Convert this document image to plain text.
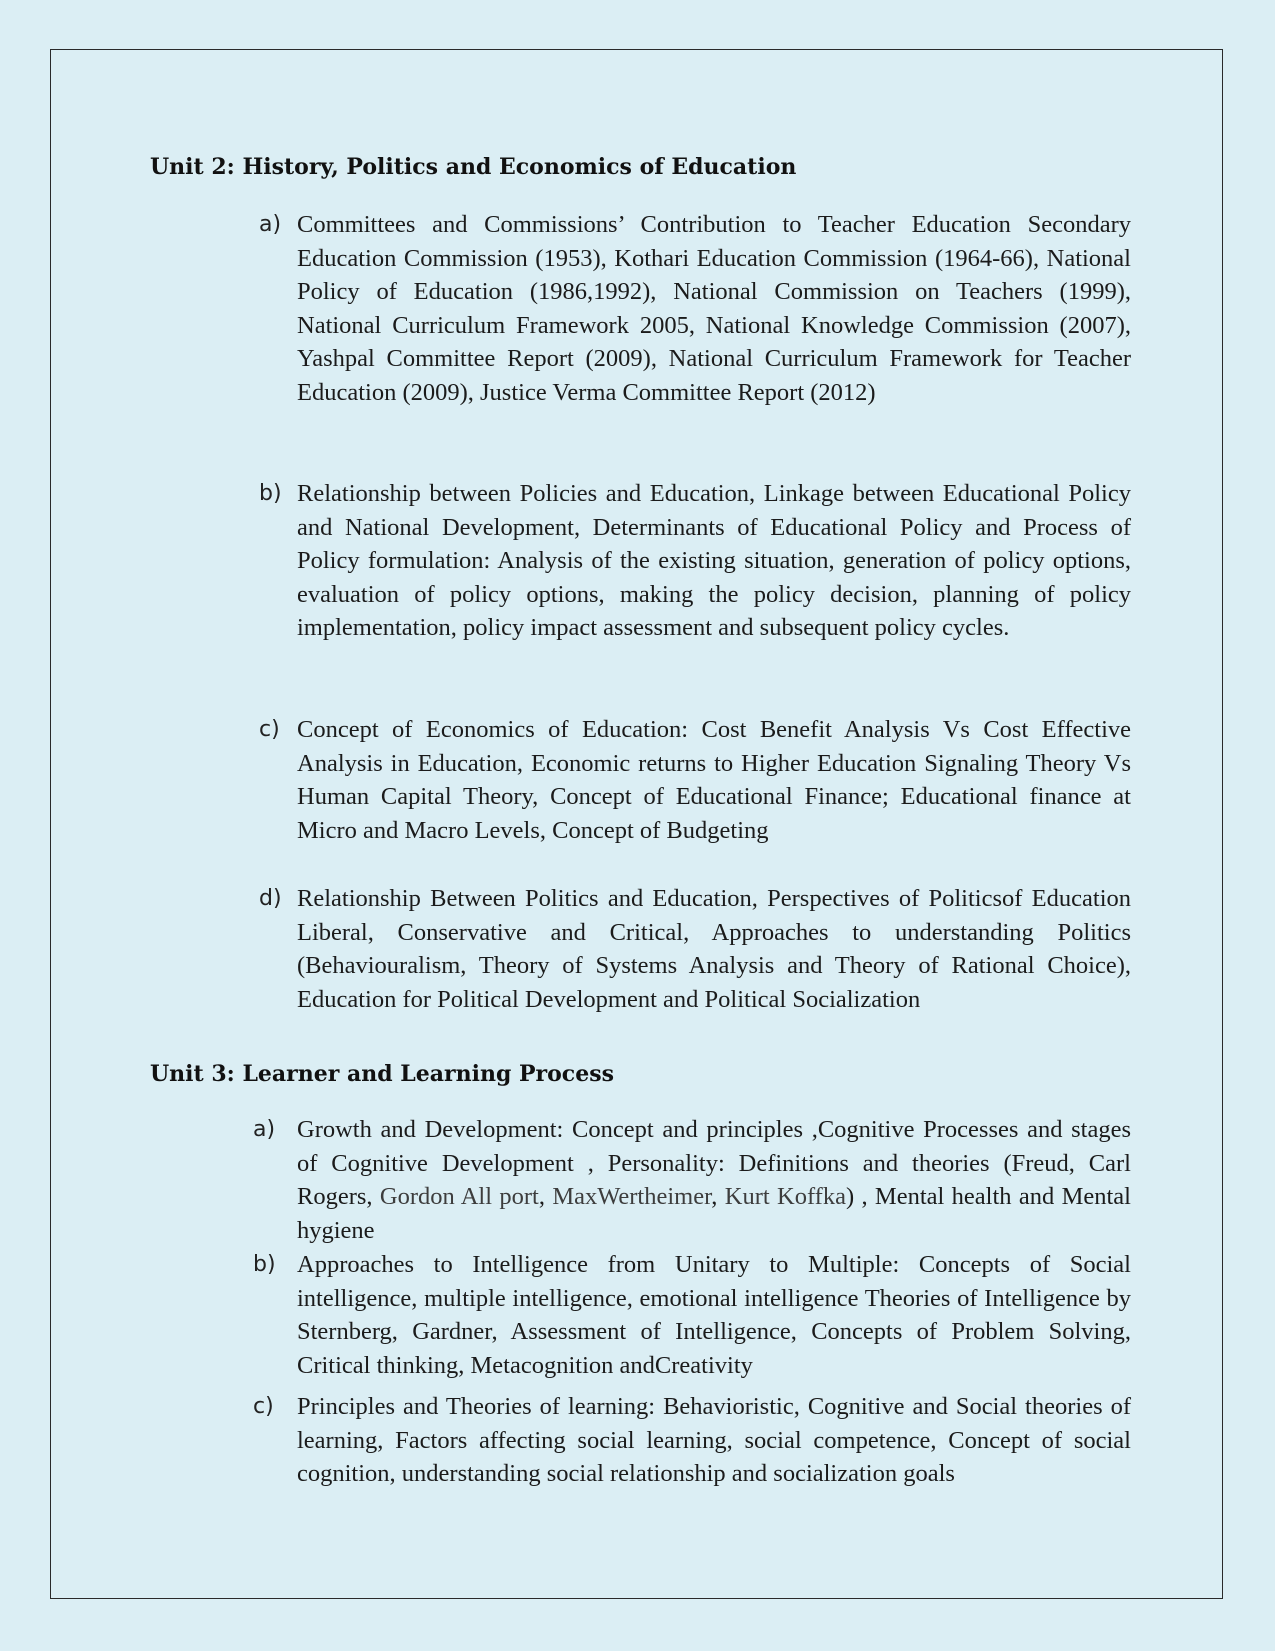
Unit 2: History, Politics and Economics of Education

a) Committees and Commissions’ Contribution to Teacher Education Secondary Education Commission (1953), Kothari Education Commission (1964-66), National Policy of Education (1986,1992), National Commission on Teachers (1999), National Curriculum Framework 2005, National Knowledge Commission (2007), Yashpal Committee Report (2009), National Curriculum Framework for Teacher Education (2009), Justice Verma Committee Report (2012)

b) Relationship between Policies and Education, Linkage between Educational Policy and National Development, Determinants of Educational Policy and Process of Policy formulation: Analysis of the existing situation, generation of policy options, evaluation of policy options, making the policy decision, planning of policy implementation, policy impact assessment and subsequent policy cycles.

c) Concept of Economics of Education: Cost Benefit Analysis Vs Cost Effective Analysis in Education, Economic returns to Higher Education Signaling Theory Vs Human Capital Theory, Concept of Educational Finance; Educational finance at Micro and Macro Levels, Concept of Budgeting

d) Relationship Between Politics and Education, Perspectives of Politicsof Education Liberal, Conservative and Critical, Approaches to understanding Politics (Behaviouralism, Theory of Systems Analysis and Theory of Rational Choice), Education for Political Development and Political Socialization

Unit 3: Learner and Learning Process

a) Growth and Development: Concept and principles ,Cognitive Processes and stages of Cognitive Development , Personality: Definitions and theories (Freud, Carl Rogers, Gordon All port, MaxWertheimer, Kurt Koffka) , Mental health and Mental hygiene

b) Approaches to Intelligence from Unitary to Multiple: Concepts of Social intelligence, multiple intelligence, emotional intelligence Theories of Intelligence by Sternberg, Gardner, Assessment of Intelligence, Concepts of Problem Solving, Critical thinking, Metacognition andCreativity

c) Principles and Theories of learning: Behavioristic, Cognitive and Social theories of learning, Factors affecting social learning, social competence, Concept of social cognition, understanding social relationship and socialization goals
